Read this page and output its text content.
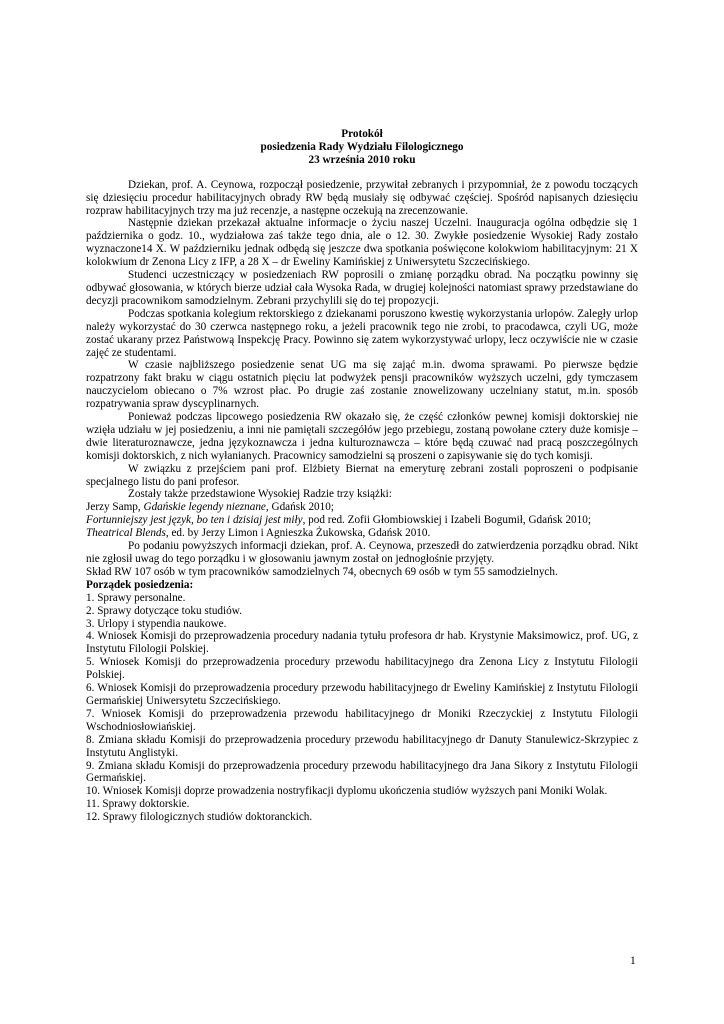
Protokół
posiedzenia Rady Wydziału Filologicznego
23 września 2010 roku
Dziekan, prof. A. Ceynowa, rozpoczął posiedzenie, przywitał zebranych i przypomniał, że z powodu toczących się dziesięciu procedur habilitacyjnych obrady RW będą musiały się odbywać częściej. Spośród napisanych dziesięciu rozpraw habilitacyjnych trzy ma już recenzje, a następne oczekują na zrecenzowanie.
Następnie dziekan przekazał aktualne informacje o życiu naszej Uczelni. Inauguracja ogólna odbędzie się 1 października o godz. 10., wydziałowa zaś także tego dnia, ale o 12. 30. Zwykłe posiedzenie Wysokiej Rady zostało wyznaczone14 X. W październiku jednak odbędą się jeszcze dwa spotkania poświęcone kolokwiom habilitacyjnym: 21 X kolokwium dr Zenona Licy z IFP, a 28 X – dr Eweliny Kamińskiej z Uniwersytetu Szczecińskiego.
Studenci uczestniczący w posiedzeniach RW poprosili o zmianę porządku obrad. Na początku powinny się odbywać głosowania, w których bierze udział cała Wysoka Rada, w drugiej kolejności natomiast sprawy przedstawiane do decyzji pracownikom samodzielnym. Zebrani przychylili się do tej propozycji.
Podczas spotkania kolegium rektorskiego z dziekanami poruszono kwestię wykorzystania urlopów. Zaległy urlop należy wykorzystać do 30 czerwca następnego roku, a jeżeli pracownik tego nie zrobi, to pracodawca, czyli UG, może zostać ukarany przez Państwową Inspekcję Pracy. Powinno się zatem wykorzystywać urlopy, lecz oczywiście nie w czasie zajęć ze studentami.
W czasie najbliższego posiedzenie senat UG ma się zająć m.in. dwoma sprawami. Po pierwsze będzie rozpatrzony fakt braku w ciągu ostatnich pięciu lat podwyżek pensji pracowników wyższych uczelni, gdy tymczasem nauczycielom obiecano o 7% wzrost płac. Po drugie zaś zostanie znowelizowany uczelniany statut, m.in. sposób rozpatrywania spraw dyscyplinarnych.
Ponieważ podczas lipcowego posiedzenia RW okazało się, że część członków pewnej komisji doktorskiej nie wzięła udziału w jej posiedzeniu, a inni nie pamiętali szczegółów jego przebiegu, zostaną powołane cztery duże komisje – dwie literaturoznawcze, jedna językoznawcza i jedna kulturoznawcza – które będą czuwać nad pracą poszczególnych komisji doktorskich, z nich wyłanianych. Pracownicy samodzielni są proszeni o zapisywanie się do tych komisji.
W związku z przejściem pani prof. Elżbiety Biernat na emeryturę zebrani zostali poproszeni o podpisanie specjalnego listu do pani profesor.
Zostały także przedstawione Wysokiej Radzie trzy książki:
Jerzy Samp, Gdańskie legendy nieznane, Gdańsk 2010;
Fortunniejszy jest język, bo ten i dzisiaj jest miły, pod red. Zofii Głombiowskiej i Izabeli Bogumił, Gdańsk 2010;
Theatrical Blends, ed. by Jerzy Limon i Agnieszka Żukowska, Gdańsk 2010.
Po podaniu powyższych informacji dziekan, prof. A. Ceynowa, przeszedł do zatwierdzenia porządku obrad. Nikt nie zgłosił uwag do tego porządku i w głosowaniu jawnym został on jednogłośnie przyjęty.
Skład RW 107 osób w tym pracowników samodzielnych 74, obecnych 69 osób w tym 55 samodzielnych.
Porządek posiedzenia:
1. Sprawy personalne.
2. Sprawy dotyczące toku studiów.
3. Urlopy i stypendia naukowe.
4. Wniosek Komisji do przeprowadzenia procedury nadania tytułu profesora dr hab. Krystynie Maksimowicz, prof. UG, z Instytutu Filologii Polskiej.
5. Wniosek Komisji do przeprowadzenia procedury przewodu habilitacyjnego dra Zenona Licy z Instytutu Filologii Polskiej.
6. Wniosek Komisji do przeprowadzenia procedury przewodu habilitacyjnego dr Eweliny Kamińskiej z Instytutu Filologii Germańskiej Uniwersytetu Szczecińskiego.
7. Wniosek Komisji do przeprowadzenia przewodu habilitacyjnego dr Moniki Rzeczyckiej z Instytutu Filologii Wschodniosłowiańskiej.
8. Zmiana składu Komisji do przeprowadzenia procedury przewodu habilitacyjnego dr Danuty Stanulewicz-Skrzypiec z Instytutu Anglistyki.
9. Zmiana składu Komisji do przeprowadzenia procedury przewodu habilitacyjnego dra Jana Sikory z Instytutu Filologii Germańskiej.
10. Wniosek Komisji doprze prowadzenia nostryfikacji dyplomu ukończenia studiów wyższych pani Moniki Wolak.
11. Sprawy doktorskie.
12. Sprawy filologicznych studiów doktoranckich.
1
